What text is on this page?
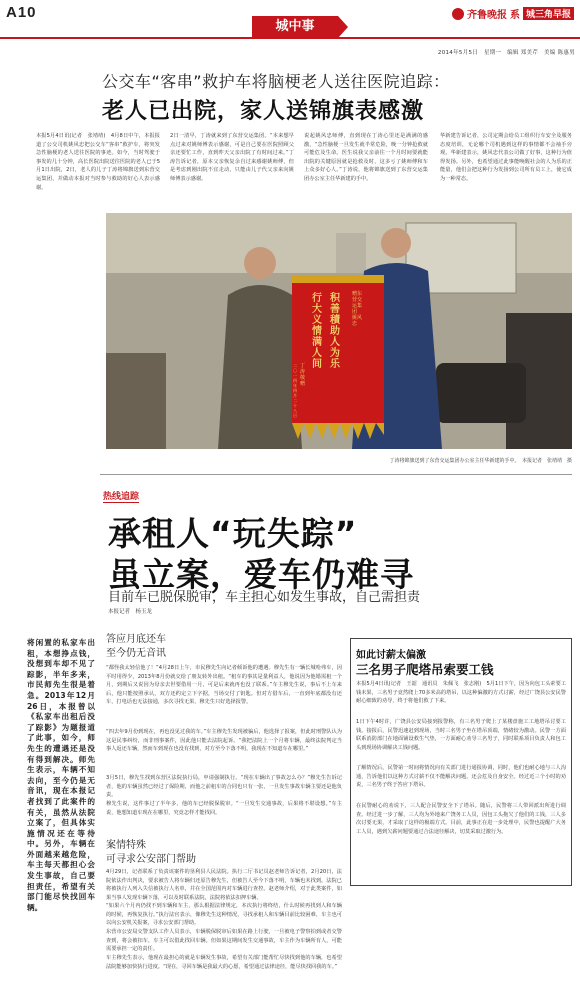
A10
城中事
齐鲁晚报 系 城三角早报
2014年5月5日　星期一　编辑 郑美芹　美编 陈惠男
公交车“客串”救护车将脑梗老人送往医院追踪：
老人已出院，家人送锦旗表感激
本报5月4日讯(记者　张靖靖)　4月8日中午，本报报道了公交司机姚风忠把公交车“客串”救护车，将突发急性脑梗的老人送往医院的事迹。如今，当时驾驶于事发的几十分钟，高长医院出院送往医院的老人已于5月1日出院，2日，老人的儿子丁涛将锦旗送到东营交运集团，并做动本报对当时参与救助的好心人表示感谢。
2日一清早，丁涛就来到了东营交运集团。“本来想早点过来对姚师傅表示感谢，可是自己要在医院照顾父亲还要忙工作，直到昨天父亲出院了有时间过来。”丁涛告诉记者，原本父亲恢复余自过来感谢姚师傅，但是考虑到刚出院不宜走动，只能由儿子代父亲来向姚师傅表示感谢。
说起姚风忠师傅，直到现在丁涛心里还是满满的感激，“急性脑梗一旦发生就半常危险，晚一分钟抢救就可能危及生命。医生说我父亲前往一个月时间要就能出院的关键原因就是抢救及时，这多亏了姚师傅和车上众多好心人。”丁涛说，他将锦旗送到了东营交运集团办公室主任华新建的手中。
华新建告诉记者，公司定期会给员工组织行车安全及服务态度培训，无论哪个司机遇到这样的事情都不会袖手旁观。华新建表示，姚风忠代表公司做了好事，这种行为值得发扬。另外，也希望通过此事能唤醒社会的人为乐的正能量，他们会把这种行为发扬到公司所有员工上，使它成为一种常态。
赠东营交运集团　姚风忠
积善積助人为乐
行大义情满人间
丁涛　敬赠
二〇一四年四月二十八日
丁涛将锦旗送到了东营交运集团办公室主任华新建的手中。　本报记者　张靖靖　摄
热线追踪
承租人“玩失踪”
虽立案，爱车仍难寻
目前车已脱保脱审，车主担心如发生事故，自己需担责
本报记者　杨玉龙
将闲置的私家车出租，本想挣点钱，没想到车却不见了踪影，半年多来，市民师先生很是着急。2013年12月26日，本报曾以《私家车出租后没了踪影》为题报道了此事，如今，师先生的遭遇还是没有得到解决。师先生表示，车辆不知去向，至今仍是无音讯，现在本报记者找到了此案件的有关，虽然从法院立案了，但具体实施情况还在等待中。另外，车辆在外面越来越危险，车主每天都担心会发生事故，自己要担责任，希望有关部门能尽快找回车辆。
答应月底还车
至今仍无音讯
“都怪我太轻信他了！”4月28日上午，市民穆先生向记者倾诉他的遭遇。穆先生有一辆长城哈弗车，因平时用得少，2013年8月份就交给了朋友转外出租。“租车的事其是量利益人，他说因为他婚需租一个月，到期后又说因为母亲去世要借用一月，可是后来就再也没了联系。”车主穆先生说，事后不上车来后，他只能按照承认，双方还约定立下字据，当场交付了钥匙。但对方借车后，一直到年底都没有还车，打电话也无法接通，多次寻找无果，穆先生只好选择报警。
“四去年9月份到现在，再也没见过我的车。”车主穆先生发现被骗后，他选择了报案，但此时刑警队认为这是民事纠纷，而非刑事案件，因此他只能去法院起诉。“我把法院上一个月将车辆，最终法院判定当事人返还车辆，然而车到现在也没有找到，对方至今下落不明，我现在不知道车在哪里。”
3月5日，穆先生找到东营区法院执行局，申请强制执行。“现在车辆出了事故怎么办？”穆先生告诉记者，他的车辆虽然已经过了保险期，而他之前租车的合同也只有一张，一旦发生事故车辆主要还是他负责。
穆先生说，这件事过了半年多，他的车已经脱保脱审。“一旦发生交通事故，后果将不堪设想。”车主说，他想知道车现在在哪里，究竟怎样才能找回。
案情特殊
可寻求公安部门帮助
4月29日，记者联系了负责该案件的垦利县人民法院。执行二厅书记员赵老师告诉记者，2月20日，法院依法作出判决，要求被告人将车辆归还原告穆先生，但被告人至今下落不明，车辆也未找到。法院已将被执行人列入失信被执行人名单，并在全国范围内对车辆进行查控。赵老师介绍，对于此类案件，如果当事人发现车辆下落，可以及时联系法院，法院将依法扣押车辆。
“如果六个月内仍找不到车辆和车主，那么根据法律规定，本次执行将终结，什么时候再找到人和车辆的时候，再恢复执行。”执行法官表示，像穆先生这种情况，寻找承租人和车辆目前比较困难，车主也可以向公安机关报案，寻求公安部门帮助。
东营市公安局交警支队工作人员表示，车辆脱保脱审后如果在路上行驶，一旦被电子警察拍到或者交警查到，将会被扣车，车主可以借此找回车辆。但如果这期间发生交通事故，车主作为车辆所有人，可能需要承担一定的责任。
车主穆先生表示，他现在最担心的就是车辆发生事故，希望有关部门能帮忙尽快找到他的车辆，也希望法院能够加快执行进度。“现在，寻回车辆是我最大的心愿，希望通过法律途径，能尽快找回我的车。”
如此讨薪太偏激
三名男子爬塔吊索要工钱
本报5月4日讯(记者　王韶　通讯员　朱佩飞　张志刚)　5月1日下午，因为向包工头索要工钱未果，三名男子竟然爬上70多米高的塔吊，以这种偏激的方式讨薪，经过广饶县公安民警耐心细致的劝导，终于将他们救了下来。
1日下午4时许，广饶县公安局接到报警称，有三名男子爬上了某楼盘施工工地塔吊讨要工钱。接报后，民警迅速赶到现场，当时三名男子坐在塔吊顶端，情绪较为激动。民警一方面联系消防部门在地面铺设救生气垫，一方面耐心劝导三名男子，同时联系项目负责人和包工头到现场协调解决工钱问题。
了解情况后，民警第一时间将情况向有关部门进行通报协调，同时，他们也耐心地与三人沟通，告诉他们以这种方式讨薪不仅不能解决问题，还会危及自身安全。经过近三个小时的劝说，三名男子终于答应下塔吊。
在民警耐心的劝说下，三人配合民警安全下了塔吊。随后，民警将三人带回派出所进行调查。经过进一步了解，三人均为外地来广饶务工人员，因包工头拖欠了他们的工钱，三人多次讨要无果，才采取了这样的极端方式。目前，此事正在进一步处理中，民警也提醒广大务工人员，遇到欠薪问题要通过合法途径解决，切莫采取过激行为。
